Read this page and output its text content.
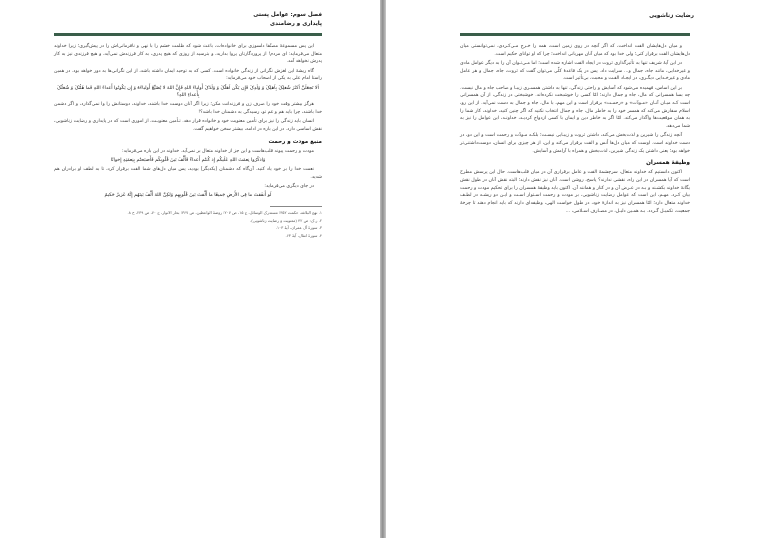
فصل سوم: عوامل پستی
پایداری و رضامندی

این پس مسموعۀ مصنّفا دلسوزی برای خانواده‌ات، باعث شود که ظلمت خشم را با نهی و نافرمانی‌اش را در پیش‌گیری؛ زیرا خداوند متعال می‌فرماید: ای مردم! از پروردگارتان پروا بدارید، و بترسید از روزی که هیچ پدری، به کار فرزندش نمی‌آید، و هیچ فرزندی نیز به کار پدرش نخواهد آمد.

گاه ریشۀ این لغزش نگرانی از زندگی خانواده است. کسی که به توحید ایمان داشته باشد، از این نگرانی‌ها به دور خواهد بود. در همین راستا امام علی به یکی از اصحاب خود می‌فرماید:

اَلا تَجعَلَنَّ اَکثَرَ شُغلِکَ بِاَهلِکَ وَ وَلَدِکَ فَإِن یَکُن اَهلُکَ وَ وَلَدُکَ أَولیاءَ اللهِ فَإِنَّ اللهَ لا یُضَیِّعُ أَولیاءَهُ وَ إِن یَکُونُوا أَعداءَ اللهِ فَما هَمُّکَ وَ شُغلُکَ بِأَعداءِ اللهِ؟

هرگز بیشتر وقت خود را صرف زن و فرزندانت مکن؛ زیرا اگر آنان دوست خدا باشند، خداوند، دوستانش را وا نمی‌گذارد، و اگر دشمن خدا باشند، چرا باید هم و غم تو، رسیدگی به دشمنان خدا باشد؟!

انسان باید زندگی را نیز برای تأمین معنویت خود و خانواده قرار دهد. تـأمین معنویـت، از اموری است که در پایداری و رضایت زناشویی، نقش اساسی دارد. در این باره در ادامه، بیشتر سخن خواهیم گفت.

منبع مودت و رحمت

مودت و رحمت پیوند قلب‌هاست و این جز از خداوند متعال بر نمی‌آید. خداوند در این باره می‌فرماید:

وَاذکُرُوا نِعمَتَ اللهِ عَلَیکُم إِذ کُنتُم أَعداءً فَأَلَّفَ بَینَ قُلُوبِکُم فَأَصبَحتُم بِنِعمَتِهِ إِخوانًا

نعمت خدا را بر خود یاد کنید. آن‌گاه که دشمنان [یکدیگر] بودید، پس میان دل‌های شما الفت برقرار کرد، تا به لطف او برادران هم شدید.

در جای دیگری می‌فرماید:

لَو أَنفَقتَ ما فِی الأَرضِ جَمیعًا ما أَلَّفتَ بَینَ قُلُوبِهِم وَلکِنَّ اللهَ أَلَّفَ بَینَهُم إِنَّهُ عَزیزٌ حَکیمٌ

۱. نهج البلاغه، حکمت ۳۵۲؛ مستدرک الوسائل، ج ۱۵، ص ۲۰۷؛ روضۀ الواعظین، ص ۳۶۷؛ بحار الانوار، ج ۷۰، ص ۲۳۹، ح ۸.

۲. ر.ک: ص ۴۲ (معنویت و رضایت زناشویی).

۳. سورۀ آل عمران، آیۀ ۱۰۳.

۴. سورۀ انفال، آیۀ ۶۳.

رضایت زناشویی

و میان دل‌هایشان الفت انداخت، که اگر آنچه در روی زمین است، همه را خـرج مـی‌کـردی، نمی‌توانستی میان دل‌هایشان الفت برقرار کنی؛ ولی خدا بود که میان آنان مهربانی انداخت؛ چرا که او توانای حکیم است.

در این آیۀ شریف تنها به تأثیرگذاری ثروت در ایجاد الفت اشاره شده است؛ اما مـی‌تـوان آن را به دیگر عوامل مادی و غیرخدایی، مانند جاه، جمال و... سرایت داد. پس در یک قاعدۀ کلّی می‌توان گفت که ثروت، جاه، جمال و هر عامل مادی و غیرخـدایی دیگـری، در ایجـاد الفـت و محبت، بی‌تأثیر است.

بر این اساس، فهمیده می‌شود که آسایش و راحتی زندگی، تنها به داشتن همسـری زیبـا و صاحب جاه و مال نیست. چه بسا همسرانی که مال، جاه و جمال دارند؛ امّا کسی را خوشبخت نکرده‌اند. خوشبختی در زندگی، از آن همسرانی است کـه میـان آنـان «مـودّت» و «رحمـت» برقرار است و این مهم، با مال، جاه و جمال به دست نمی‌آید. از این رو، اسلام سفارش می‌کند که همسر خود را به خاطر مال، جاه و جمال انتخاب نکنید که اگر چنین کنید، خداوند، کار شما را به همان موقعیت‌ها واگذار می‌کند. امّا اگر به خاطر دین و ایمان با کسی ازدواج کردیـد، خداونـد، این عوامل را نیز به شما می‌دهد.

آنچه زندگی را شیرین و لذت‌بخش می‌کند، داشتن ثروت و زیبـایی نیسـت؛ بلکـه مـودّت و رحمت است و این دو، در دست خداوند است. اوست که میان دل‌ها اُنس و الفت برقرار می‌کند و این، از هر چیزی برای انسان، دوست‌داشتنی‌تر خواهد بود؛ یعنی داشتن یک زندگی شیرین، لذت‌بخش و همراه با آرامش و آسایش.

وظیفۀ همسران

اکنون دانستیم که خداوند متعال، سرچشمۀ الفت و عامل برقراری آن در میان قلب‌هاست. حال این پرسش مطرح است که آیا همسران در این راه، نقشی ندارند؟ پاسخ، روشن است. آنان نیز نقش دارند؛ البته نقش آنان در طول نقش یگانۀ خداوند بکشـند و بـه در عـرض آن و در کنار و همانند آن. اکنون باید وظیفۀ همسران را برای تحکیم مودت و رحمت بیان کـرد. مهـم، این است که عوامل رضایت زناشویی، بر مودت و رحمت اسـتوار اسـت و ایـن دو ریشـه در لطـف خداوند متعال دارد؛ امّا همسران نیز به اندازۀ خود، در طول خواست الهی، وظیفه‌ای دارند که باید انجام دهند تا چرخۀ جمعیت، تکمیـل گـردد. بـه همـین دلیـل، در مصـارف اسـلامی، ...
